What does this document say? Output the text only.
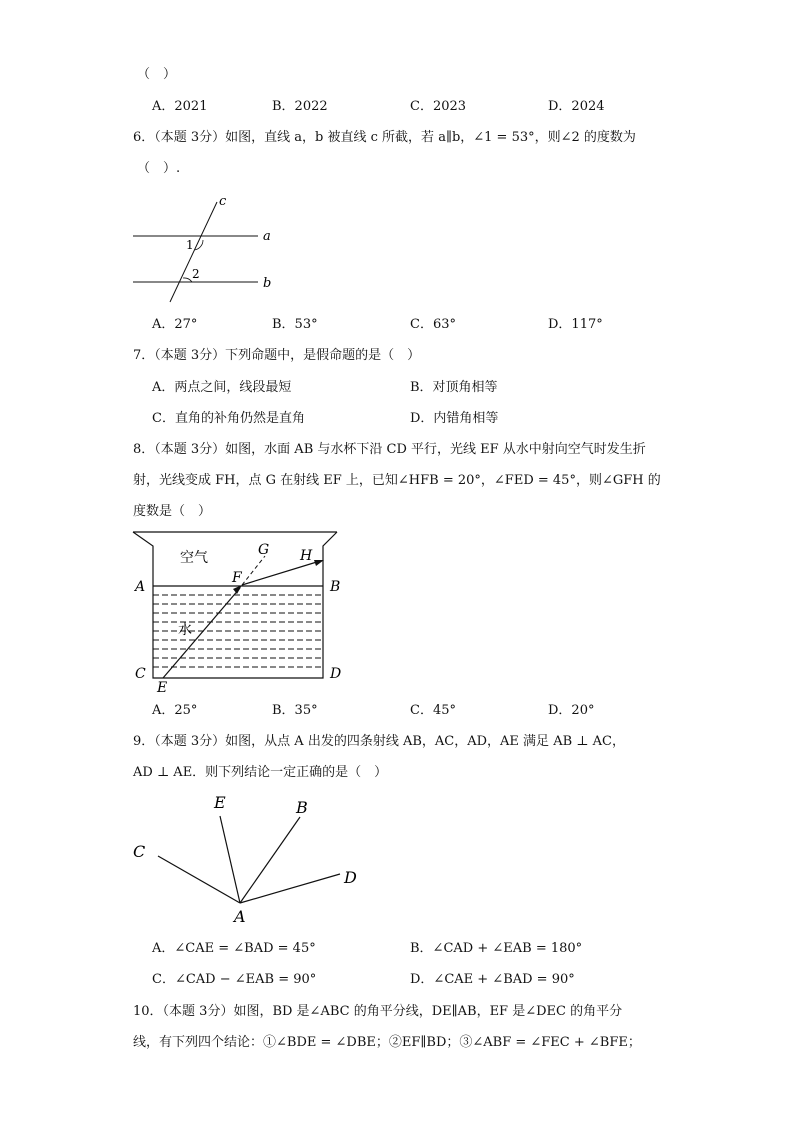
（　）
A．2021	B．2022	C．2023	D．2024
6．（本题 3分）如图，直线 a，b 被直线 c 所截，若 a∥b，∠1 = 53°，则∠2 的度数为
（　）.
c
a
b
1
2
A．27°	B．53°	C．63°	D．117°
7．（本题 3分）下列命题中，是假命题的是（　）
A．两点之间，线段最短	B．对顶角相等
C．直角的补角仍然是直角	D．内错角相等
8．（本题 3分）如图，水面 AB 与水杯下沿 CD 平行，光线 EF 从水中射向空气时发生折
射，光线变成 FH，点 G 在射线 EF 上，已知∠HFB = 20°，∠FED = 45°，则∠GFH 的
度数是（　）
空气
水
A	B
C	D
E
F
G H
A．25°	B．35°	C．45°	D．20°
9．（本题 3分）如图，从点 A 出发的四条射线 AB，AC，AD，AE 满足 AB ⊥ AC，
AD ⊥ AE．则下列结论一定正确的是（　）
C
E	B
D
A
A．∠CAE = ∠BAD = 45°	B．∠CAD + ∠EAB = 180°
C．∠CAD − ∠EAB = 90°	D．∠CAE + ∠BAD = 90°
10．（本题 3分）如图，BD 是∠ABC 的角平分线，DE∥AB，EF 是∠DEC 的角平分
线，有下列四个结论：①∠BDE = ∠DBE；②EF∥BD；③∠ABF = ∠FEC + ∠BFE；
